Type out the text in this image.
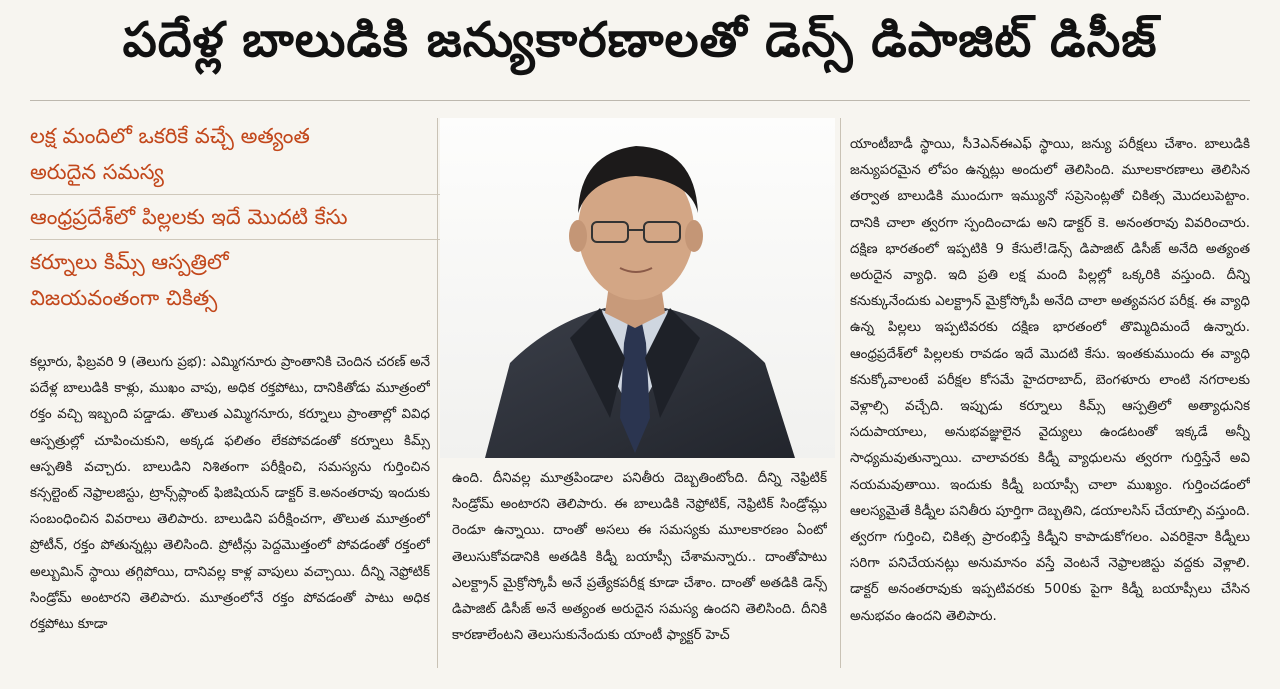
పదేళ్ల బాలుడికి జన్యుకారణాలతో డెన్స్ డిపాజిట్ డిసీజ్
లక్ష మందిలో ఒకరికే వచ్చే అత్యంత
అరుదైన సమస్య
ఆంధ్రప్రదేశ్‌లో పిల్లలకు ఇదే మొదటి కేసు
కర్నూలు కిమ్స్ ఆస్పత్రిలో
విజయవంతంగా చికిత్స

కల్లూరు, ఫిబ్రవరి 9 (తెలుగు ప్రభ): ఎమ్మిగనూరు ప్రాంతానికి చెందిన చరణ్ అనే పదేళ్ల బాలుడికి కాళ్లు, ముఖం వాపు, అధిక రక్తపోటు, దానికితోడు మూత్రంలో రక్తం వచ్చి ఇబ్బంది పడ్డాడు. తొలుత ఎమ్మిగనూరు, కర్నూలు ప్రాంతాల్లో వివిధ ఆస్పత్రుల్లో చూపించుకుని, అక్కడ ఫలితం లేకపోవడంతో కర్నూలు కిమ్స్ ఆస్పతికి వచ్చారు. బాలుడిని నిశితంగా పరీక్షించి, సమస్యను గుర్తించిన కన్సల్టెంట్ నెఫ్రాలజిస్టు, ట్రాన్స్‌ప్లాంట్ ఫిజిషియన్ డాక్టర్ కె.అనంతరావు ఇందుకు సంబంధించిన వివరాలు తెలిపారు. బాలుడిని పరీక్షించగా, తొలుత మూత్రంలో ప్రోటీన్, రక్తం పోతున్నట్లు తెలిసింది. ప్రోటీన్లు పెద్దమొత్తంలో పోవడంతో రక్తంలో అల్బుమిన్ స్థాయి తగ్గిపోయి, దానివల్ల కాళ్ల వాపులు వచ్చాయి. దీన్ని నెఫ్రోటిక్ సిండ్రోమ్ అంటారని తెలిపారు. మూత్రంలోనే రక్తం పోవడంతో పాటు అధిక రక్తపోటు కూడా

ఉంది. దీనివల్ల మూత్రపిండాల పనితీరు దెబ్బతింటోంది. దీన్ని నెఫ్రిటిక్ సిండ్రోమ్ అంటారని తెలిపారు. ఈ బాలుడికి నెఫ్రోటిక్, నెఫ్రిటిక్ సిండ్రోమ్లు రెండూ ఉన్నాయి. దాంతో అసలు ఈ సమస్యకు మూలకారణం ఏంటో తెలుసుకోవడానికి అతడికి కిడ్నీ బయాప్సీ చేశామన్నారు.. దాంతోపాటు ఎలక్ట్రాన్ మైక్రోస్కోపీ అనే ప్రత్యేకపరీక్ష కూడా చేశాం. దాంతో అతడికి డెన్స్ డిపాజిట్ డిసీజ్ అనే అత్యంత అరుదైన సమస్య ఉందని తెలిసింది. దీనికి కారణాలేంటని తెలుసుకునేందుకు యాంటీ ఫ్యాక్టర్ హెచ్

యాంటీబాడీ స్థాయి, సీ3ఎన్ఈఎఫ్ స్థాయి, జన్యు పరీక్షలు చేశాం. బాలుడికి జన్యుపరమైన లోపం ఉన్నట్లు అందులో తెలిసింది. మూలకారణాలు తెలిసిన తర్వాత బాలుడికి ముందుగా ఇమ్యునో సప్రెసెంట్లతో చికిత్స మొదలుపెట్టాం. దానికి చాలా త్వరగా స్పందించాడు అని డాక్టర్ కె. అనంతరావు వివరించారు. దక్షిణ భారతంలో ఇప్పటికి 9 కేసులే!డెన్స్ డిపాజిట్ డిసీజ్ అనేది అత్యంత అరుదైన వ్యాధి. ఇది ప్రతి లక్ష మంది పిల్లల్లో ఒక్కరికి వస్తుంది. దీన్ని కనుక్కునేందుకు ఎలక్ట్రాన్ మైక్రోస్కోపీ అనేది చాలా అత్యవసర పరీక్ష. ఈ వ్యాధి ఉన్న పిల్లలు ఇప్పటివరకు దక్షిణ భారతంలో తొమ్మిదిమందే ఉన్నారు. ఆంధ్రప్రదేశ్‌లో పిల్లలకు రావడం ఇదే మొదటి కేసు. ఇంతకుముందు ఈ వ్యాధి కనుక్కోవాలంటే పరీక్షల కోసమే హైదరాబాద్, బెంగళూరు లాంటి నగరాలకు వెళ్లాల్సి వచ్చేది. ఇప్పుడు కర్నూలు కిమ్స్ ఆస్పత్రిలో అత్యాధునిక సదుపాయాలు, అనుభవజ్ఞులైన వైద్యులు ఉండటంతో ఇక్కడే అన్నీ సాధ్యమవుతున్నాయి. చాలావరకు కిడ్నీ వ్యాధులను త్వరగా గుర్తిస్తేనే అవి నయమవుతాయి. ఇందుకు కిడ్నీ బయాప్సీ చాలా ముఖ్యం. గుర్తించడంలో ఆలస్యమైతే కిడ్నీల పనితీరు పూర్తిగా దెబ్బతిని, డయాలసిస్ చేయాల్సి వస్తుంది. త్వరగా గుర్తించి, చికిత్స ప్రారంభిస్తే కిడ్నీని కాపాడుకోగలం. ఎవరికైనా కిడ్నీలు సరిగా పనిచేయనట్లు అనుమానం వస్తే వెంటనే నెఫ్రాలజిస్టు వద్దకు వెళ్లాలి. డాక్టర్ అనంతరావుకు ఇప్పటివరకు 500కు పైగా కిడ్నీ బయాప్సీలు చేసిన అనుభవం ఉందని తెలిపారు.
